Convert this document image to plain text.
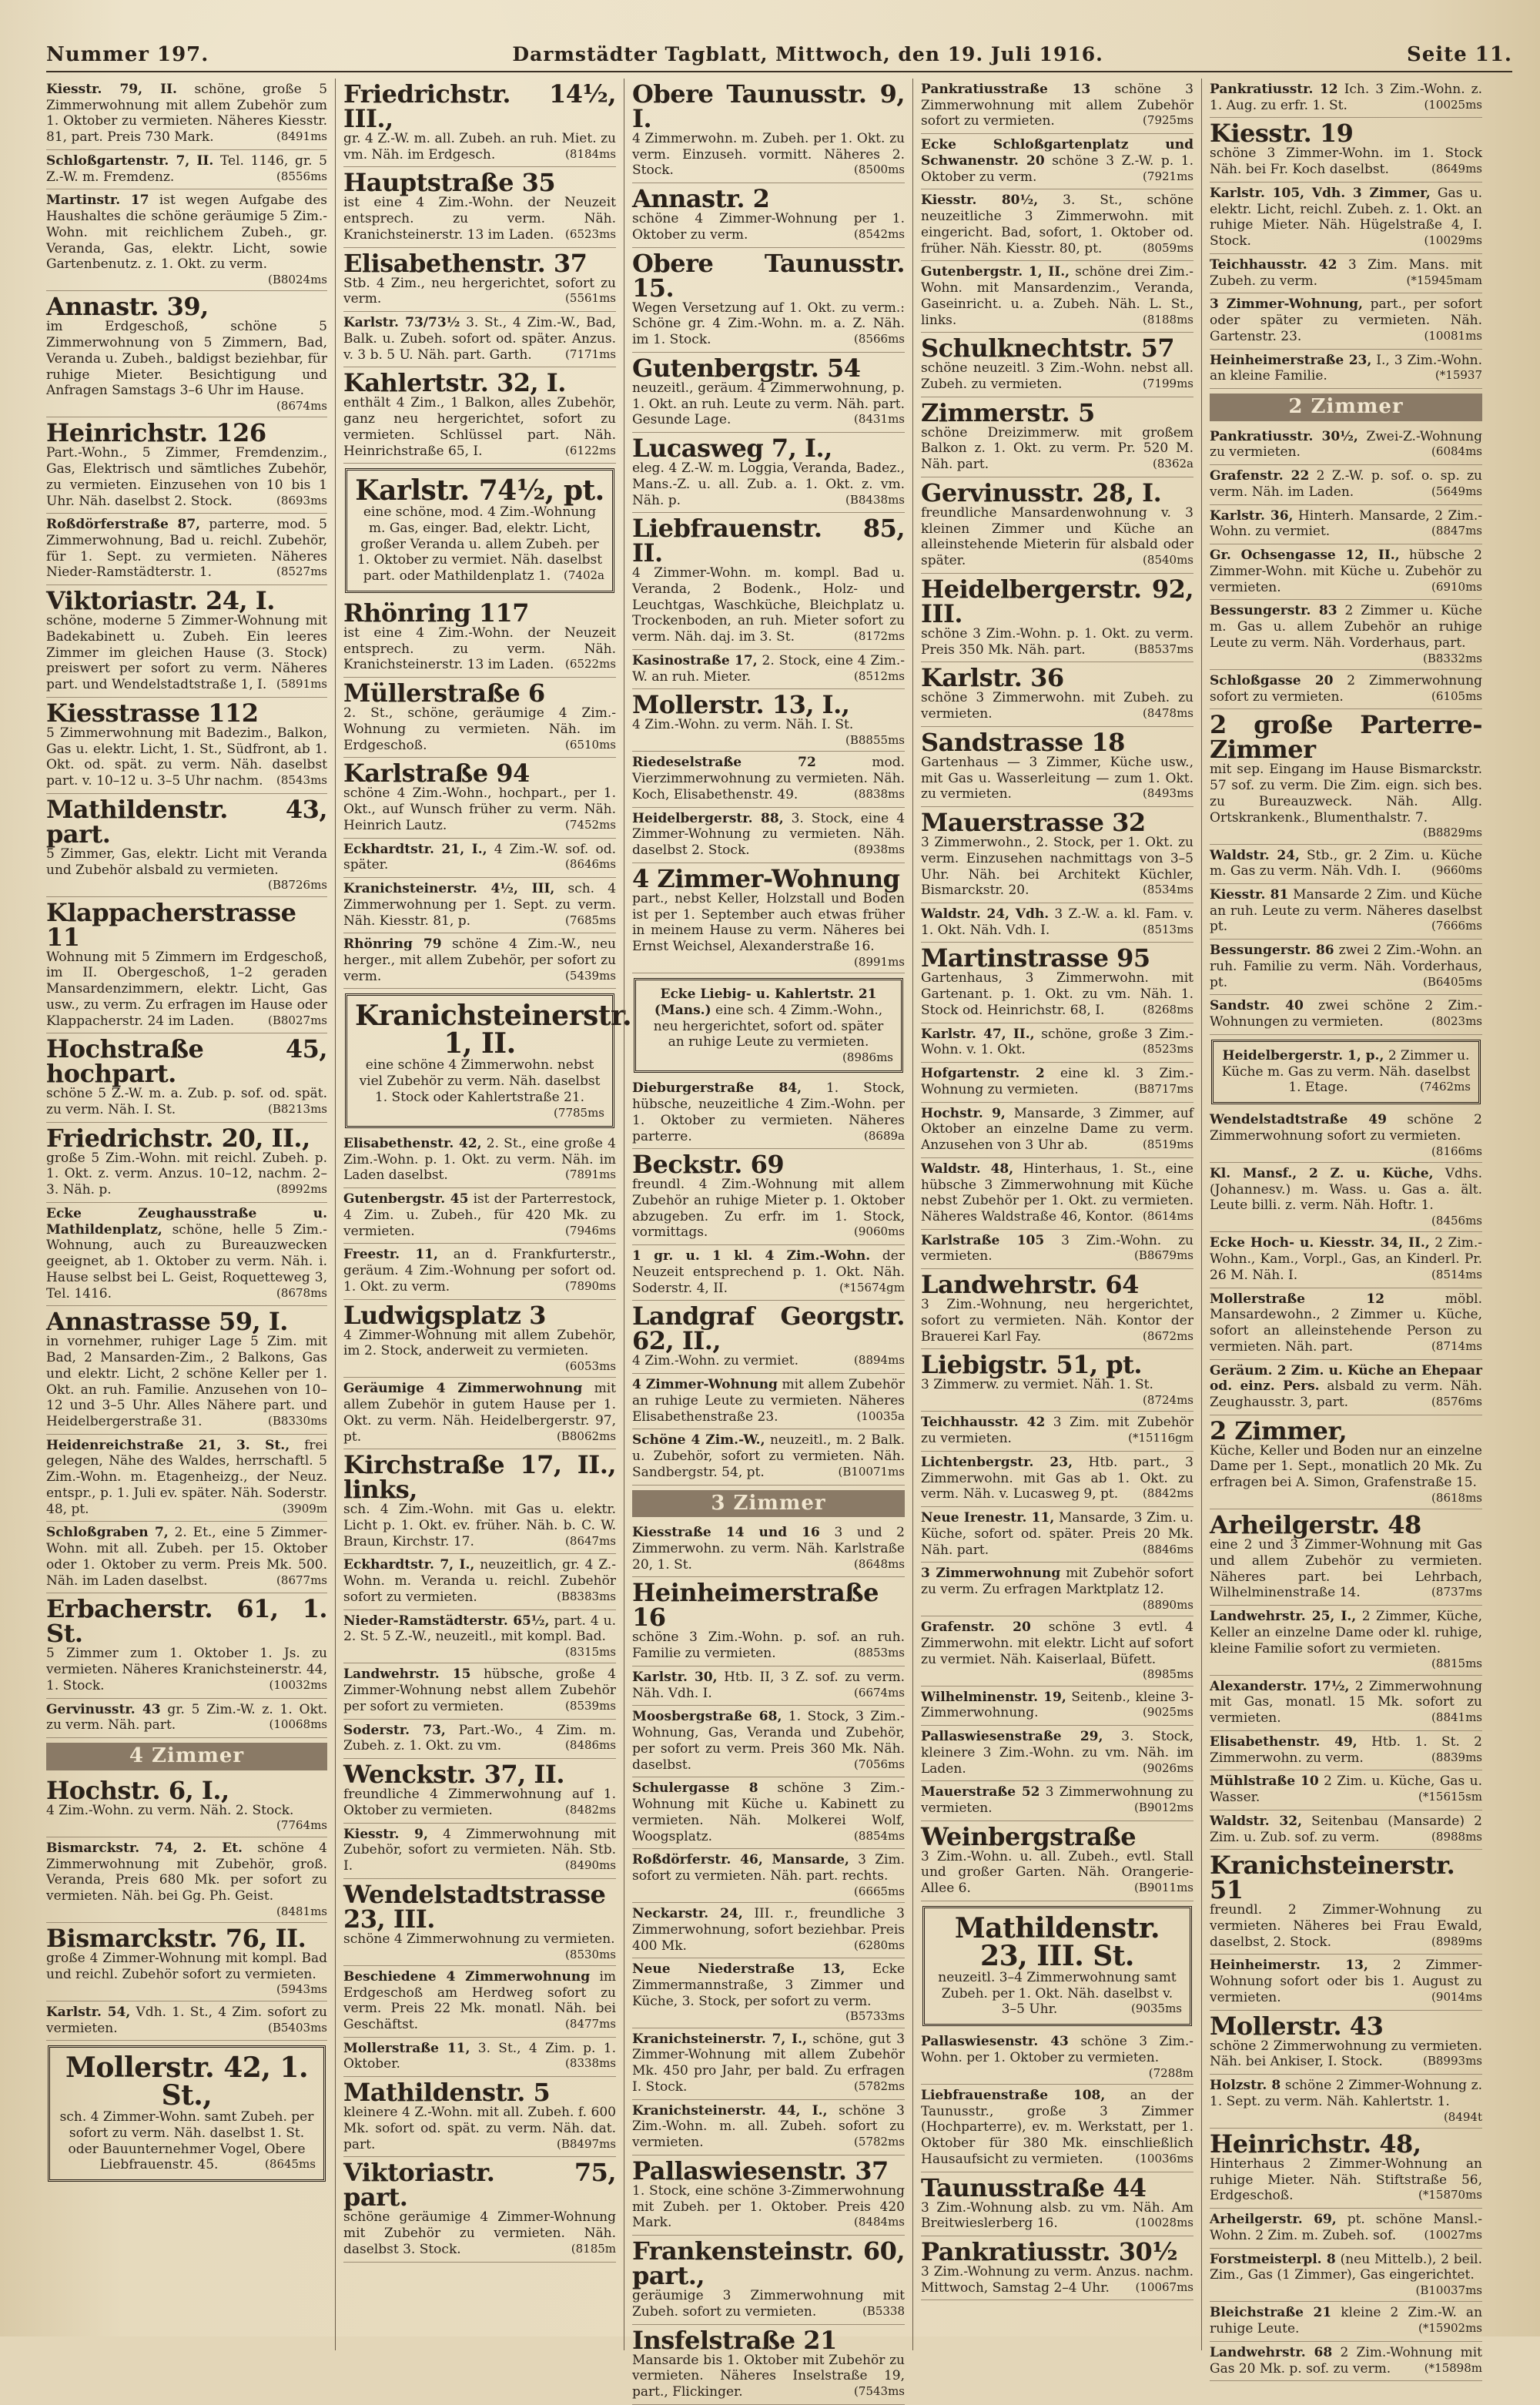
Nummer 197.	Darmstädter Tagblatt, Mittwoch, den 19. Juli 1916.	Seite 11.
Kiesstr. 79, II. schöne, große 5 Zimmerwohnung mit allem Zubehör zum 1. Oktober zu vermieten. Näheres Kiesstr. 81, part. Preis 730 Mark.	(8491ms
Schloßgartenstr. 7, II. Tel. 1146, gr. 5 Z.-W. m. Fremdenz.	(8556ms
Martinstr. 17 ist wegen Aufgabe des Haushaltes die schöne geräumige 5 Zim.-Wohn. mit reichlichem Zubeh., gr. Veranda, Gas, elektr. Licht, sowie Gartenbenutz. z. 1. Okt. zu verm.
(B8024ms
Annastr. 39,
im Erdgeschoß, schöne 5 Zimmerwohnung von 5 Zimmern, Bad, Veranda u. Zubeh., baldigst beziehbar, für ruhige Mieter. Besichtigung und Anfragen Samstags 3–6 Uhr im Hause.
(8674ms
Heinrichstr. 126
Part.-Wohn., 5 Zimmer, Fremdenzim., Gas, Elektrisch und sämtliches Zubehör, zu vermieten. Einzusehen von 10 bis 1 Uhr. Näh. daselbst 2. Stock.	(8693ms
Roßdörferstraße 87, parterre, mod. 5 Zimmerwohnung, Bad u. reichl. Zubehör, für 1. Sept. zu vermieten. Näheres Nieder-Ramstädterstr. 1.	(8527ms
Viktoriastr. 24, I.
schöne, moderne 5 Zimmer-Wohnung mit Badekabinett u. Zubeh. Ein leeres Zimmer im gleichen Hause (3. Stock) preiswert per sofort zu verm. Näheres part. und Wendelstadtstraße 1, I. (5891ms
Kiesstrasse 112
5 Zimmerwohnung mit Badezim., Balkon, Gas u. elektr. Licht, 1. St., Südfront, ab 1. Okt. od. spät. zu verm. Näh. daselbst part. v. 10–12 u. 3–5 Uhr nachm.	(8543ms
Mathildenstr. 43, part.
5 Zimmer, Gas, elektr. Licht mit Veranda und Zubehör alsbald zu vermieten.
(B8726ms
Klappacherstrasse 11
Wohnung mit 5 Zimmern im Erdgeschoß, im II. Obergeschoß, 1–2 geraden Mansardenzimmern, elektr. Licht, Gas usw., zu verm. Zu erfragen im Hause oder Klappacherstr. 24 im Laden.	(B8027ms
Hochstraße 45, hochpart.
schöne 5 Z.-W. m. a. Zub. p. sof. od. spät. zu verm. Näh. I. St.	(B8213ms
Friedrichstr. 20, II.,
große 5 Zim.-Wohn. mit reichl. Zubeh. p. 1. Okt. z. verm. Anzus. 10–12, nachm. 2–3. Näh. p.	(8992ms
Ecke Zeughausstraße u. Mathildenplatz, schöne, helle 5 Zim.-Wohnung, auch zu Bureauzwecken geeignet, ab 1. Oktober zu verm. Näh. i. Hause selbst bei L. Geist, Roquetteweg 3, Tel. 1416.	(8678ms
Annastrasse 59, I.
in vornehmer, ruhiger Lage 5 Zim. mit Bad, 2 Mansarden-Zim., 2 Balkons, Gas und elektr. Licht, 2 schöne Keller per 1. Okt. an ruh. Familie. Anzusehen von 10–12 und 3–5 Uhr. Alles Nähere part. und Heidelbergerstraße 31.	(B8330ms
Heidenreichstraße 21, 3. St., frei gelegen, Nähe des Waldes, herrschaftl. 5 Zim.-Wohn. m. Etagenheizg., der Neuz. entspr., p. 1. Juli ev. später. Näh. Soderstr. 48, pt.	(3909m
Schloßgraben 7, 2. Et., eine 5 Zimmer-Wohn. mit all. Zubeh. per 15. Oktober oder 1. Oktober zu verm. Preis Mk. 500. Näh. im Laden daselbst.	(8677ms
Erbacherstr. 61, 1. St.
5 Zimmer zum 1. Oktober 1. Js. zu vermieten. Näheres Kranichsteinerstr. 44, 1. Stock.	(10032ms
Gervinusstr. 43 gr. 5 Zim.-W. z. 1. Okt. zu verm. Näh. part.	(10068ms
4 Zimmer
Hochstr. 6, I.,
4 Zim.-Wohn. zu verm. Näh. 2. Stock.
(7764ms
Bismarckstr. 74, 2. Et. schöne 4 Zimmerwohnung mit Zubehör, groß. Veranda, Preis 680 Mk. per sofort zu vermieten. Näh. bei Gg. Ph. Geist.
(8481ms
Bismarckstr. 76, II.
große 4 Zimmer-Wohnung mit kompl. Bad und reichl. Zubehör sofort zu vermieten.
(5943ms
Karlstr. 54, Vdh. 1. St., 4 Zim. sofort zu vermieten.	(B5403ms
Mollerstr. 42, 1. St.,
sch. 4 Zimmer-Wohn. samt Zubeh. per sofort zu verm. Näh. daselbst 1. St. oder Bauunternehmer Vogel, Obere Liebfrauenstr. 45.	(8645ms
Friedrichstr. 14½, III.,
gr. 4 Z.-W. m. all. Zubeh. an ruh. Miet. zu vm. Näh. im Erdgesch.	(8184ms
Hauptstraße 35
ist eine 4 Zim.-Wohn. der Neuzeit entsprech. zu verm. Näh. Kranichsteinerstr. 13 im Laden. (6523ms
Elisabethenstr. 37
Stb. 4 Zim., neu hergerichtet, sofort zu verm.	(5561ms
Karlstr. 73/73½ 3. St., 4 Zim.-W., Bad, Balk. u. Zubeh. sofort od. später. Anzus. v. 3 b. 5 U. Näh. part. Garth.	(7171ms
Kahlertstr. 32, I.
enthält 4 Zim., 1 Balkon, alles Zubehör, ganz neu hergerichtet, sofort zu vermieten. Schlüssel part. Näh. Heinrichstraße 65, I.	(6122ms
Karlstr. 74½, pt.
eine schöne, mod. 4 Zim.-Wohnung m. Gas, einger. Bad, elektr. Licht, großer Veranda u. allem Zubeh. per 1. Oktober zu vermiet. Näh. daselbst part. oder Mathildenplatz 1.	(7402a
Rhönring 117
ist eine 4 Zim.-Wohn. der Neuzeit entsprech. zu verm. Näh. Kranichsteinerstr. 13 im Laden. (6522ms
Müllerstraße 6
2. St., schöne, geräumige 4 Zim.-Wohnung zu vermieten. Näh. im Erdgeschoß.	(6510ms
Karlstraße 94
schöne 4 Zim.-Wohn., hochpart., per 1. Okt., auf Wunsch früher zu verm. Näh. Heinrich Lautz.	(7452ms
Eckhardtstr. 21, I., 4 Zim.-W. sof. od. später.	(8646ms
Kranichsteinerstr. 4½, III, sch. 4 Zimmerwohnung per 1. Sept. zu verm. Näh. Kiesstr. 81, p.	(7685ms
Rhönring 79 schöne 4 Zim.-W., neu herger., mit allem Zubehör, per sofort zu verm.	(5439ms
Kranichsteinerstr. 1, II.
eine schöne 4 Zimmerwohn. nebst viel Zubehör zu verm. Näh. daselbst 1. Stock oder Kahlertstraße 21.
(7785ms
Elisabethenstr. 42, 2. St., eine große 4 Zim.-Wohn. p. 1. Okt. zu verm. Näh. im Laden daselbst.	(7891ms
Gutenbergstr. 45 ist der Parterrestock, 4 Zim. u. Zubeh., für 420 Mk. zu vermieten.	(7946ms
Freestr. 11, an d. Frankfurterstr., geräum. 4 Zim.-Wohnung per sofort od. 1. Okt. zu verm.	(7890ms
Ludwigsplatz 3
4 Zimmer-Wohnung mit allem Zubehör, im 2. Stock, anderweit zu vermieten.
(6053ms
Geräumige 4 Zimmerwohnung mit allem Zubehör in gutem Hause per 1. Okt. zu verm. Näh. Heidelbergerstr. 97, pt.	(B8062ms
Kirchstraße 17, II., links,
sch. 4 Zim.-Wohn. mit Gas u. elektr. Licht p. 1. Okt. ev. früher. Näh. b. C. W. Braun, Kirchstr. 17.	(8647ms
Eckhardtstr. 7, I., neuzeitlich, gr. 4 Z.-Wohn. m. Veranda u. reichl. Zubehör sofort zu vermieten.	(B8383ms
Nieder-Ramstädterstr. 65½, part. 4 u. 2. St. 5 Z.-W., neuzeitl., mit kompl. Bad.
(8315ms
Landwehrstr. 15 hübsche, große 4 Zimmer-Wohnung nebst allem Zubehör per sofort zu vermieten.	(8539ms
Soderstr. 73, Part.-Wo., 4 Zim. m. Zubeh. z. 1. Okt. zu vm.	(8486ms
Wenckstr. 37, II.
freundliche 4 Zimmerwohnung auf 1. Oktober zu vermieten.	(8482ms
Kiesstr. 9, 4 Zimmerwohnung mit Zubehör, sofort zu vermieten. Näh. Stb. I.	(8490ms
Wendelstadtstrasse 23, III.
schöne 4 Zimmerwohnung zu vermieten.
(8530ms
Beschiedene 4 Zimmerwohnung im Erdgeschoß am Herdweg sofort zu verm. Preis 22 Mk. monatl. Näh. bei Geschäftst.	(8477ms
Mollerstraße 11, 3. St., 4 Zim. p. 1. Oktober.	(8338ms
Mathildenstr. 5
kleinere 4 Z.-Wohn. mit all. Zubeh. f. 600 Mk. sofort od. spät. zu verm. Näh. dat. part.	(B8497ms
Viktoriastr. 75, part.
schöne geräumige 4 Zimmer-Wohnung mit Zubehör zu vermieten. Näh. daselbst 3. Stock.	(8185m
Obere Taunusstr. 9, I.
4 Zimmerwohn. m. Zubeh. per 1. Okt. zu verm. Einzuseh. vormitt. Näheres 2. Stock.	(8500ms
Annastr. 2
schöne 4 Zimmer-Wohnung per 1. Oktober zu verm.	(8542ms
Obere Taunusstr. 15.
Wegen Versetzung auf 1. Okt. zu verm.: Schöne gr. 4 Zim.-Wohn. m. a. Z. Näh. im 1. Stock.	(8566ms
Gutenbergstr. 54
neuzeitl., geräum. 4 Zimmerwohnung, p. 1. Okt. an ruh. Leute zu verm. Näh. part. Gesunde Lage.	(8431ms
Lucasweg 7, I.,
eleg. 4 Z.-W. m. Loggia, Veranda, Badez., Mans.-Z. u. all. Zub. a. 1. Okt. z. vm. Näh. p.	(B8438ms
Liebfrauenstr. 85, II.
4 Zimmer-Wohn. m. kompl. Bad u. Veranda, 2 Bodenk., Holz- und Leuchtgas, Waschküche, Bleichplatz u. Trockenboden, an ruh. Mieter sofort zu verm. Näh. daj. im 3. St.	(8172ms
Kasinostraße 17, 2. Stock, eine 4 Zim.-W. an ruh. Mieter.	(8512ms
Mollerstr. 13, I.,
4 Zim.-Wohn. zu verm. Näh. I. St.
(B8855ms
Riedeselstraße 72	mod. Vierzimmerwohnung zu vermieten. Näh. Koch, Elisabethenstr. 49.	(8838ms
Heidelbergerstr. 88, 3. Stock, eine 4 Zimmer-Wohnung zu vermieten. Näh. daselbst 2. Stock.	(8938ms
4 Zimmer-Wohnung
part., nebst Keller, Holzstall und Boden ist per 1. September auch etwas früher in meinem Hause zu verm. Näheres bei Ernst Weichsel, Alexanderstraße 16.
(8991ms
Ecke Liebig- u. Kahlertstr. 21 (Mans.) eine sch. 4 Zimm.-Wohn., neu hergerichtet, sofort od. später an ruhige Leute zu vermieten.
(8986ms
Dieburgerstraße 84, 1. Stock, hübsche, neuzeitliche 4 Zim.-Wohn. per 1. Oktober zu vermieten. Näheres parterre.	(8689a
Beckstr. 69
freundl. 4 Zim.-Wohnung mit allem Zubehör an ruhige Mieter p. 1. Oktober abzugeben. Zu erfr. im 1. Stock, vormittags.	(9060ms
1 gr. u. 1 kl. 4 Zim.-Wohn. der Neuzeit entsprechend p. 1. Okt. Näh. Soderstr. 4, II.	(*15674gm
Landgraf Georgstr. 62, II.,
4 Zim.-Wohn. zu vermiet.	(8894ms
4 Zimmer-Wohnung mit allem Zubehör an ruhige Leute zu vermieten. Näheres Elisabethenstraße 23.	(10035a
Schöne 4 Zim.-W., neuzeitl., m. 2 Balk. u. Zubehör, sofort zu vermieten. Näh. Sandbergstr. 54, pt.	(B10071ms
3 Zimmer
Kiesstraße 14 und 16 3 und 2 Zimmerwohn. zu verm. Näh. Karlstraße 20, 1. St.	(8648ms
Heinheimerstraße 16
schöne 3 Zim.-Wohn. p. sof. an ruh. Familie zu vermieten.	(8853ms
Karlstr. 30, Htb. II, 3 Z. sof. zu verm. Näh. Vdh. I.	(6674ms
Moosbergstraße 68, 1. Stock, 3 Zim.-Wohnung, Gas, Veranda und Zubehör, per sofort zu verm. Preis 360 Mk. Näh. daselbst.	(7056ms
Schulergasse 8 schöne 3 Zim.-Wohnung mit Küche u. Kabinett zu vermieten. Näh. Molkerei Wolf, Woogsplatz.	(8854ms
Roßdörferstr. 46, Mansarde, 3 Zim. sofort zu vermieten. Näh. part. rechts.
(6665ms
Neckarstr. 24, III. r., freundliche 3 Zimmerwohnung, sofort beziehbar. Preis 400 Mk.	(6280ms
Neue Niederstraße 13, Ecke Zimmermannstraße, 3 Zimmer und Küche, 3. Stock, per sofort zu verm.
(B5733ms
Kranichsteinerstr. 7, I., schöne, gut 3 Zimmer-Wohnung mit allem Zubehör Mk. 450 pro Jahr, per bald. Zu erfragen I. Stock.	(5782ms
Kranichsteinerstr. 44, I., schöne 3 Zim.-Wohn. m. all. Zubeh. sofort zu vermieten.	(5782ms
Pallaswiesenstr. 37
1. Stock, eine schöne 3-Zimmerwohnung mit Zubeh. per 1. Oktober. Preis 420 Mark.	(8484ms
Frankensteinstr. 60, part.,
geräumige 3 Zimmerwohnung mit Zubeh. sofort zu vermieten.	(B5338
Insfelstraße 21
Mansarde bis 1. Oktober mit Zubehör zu vermieten. Näheres Inselstraße 19, part., Flickinger.	(7543ms
Pankratiusstraße 13 schöne 3 Zimmerwohnung mit allem Zubehör sofort zu vermieten.	(7925ms
Ecke Schloßgartenplatz und Schwanenstr. 20 schöne 3 Z.-W. p. 1. Oktober zu verm.	(7921ms
Kiesstr. 80½, 3. St., schöne neuzeitliche 3 Zimmerwohn. mit eingericht. Bad, sofort, 1. Oktober od. früher. Näh. Kiesstr. 80, pt.	(8059ms
Gutenbergstr. 1, II., schöne drei Zim.-Wohn. mit Mansardenzim., Veranda, Gaseinricht. u. a. Zubeh. Näh. L. St., links.	(8188ms
Schulknechtstr. 57
schöne neuzeitl. 3 Zim.-Wohn. nebst all. Zubeh. zu vermieten.	(7199ms
Zimmerstr. 5
schöne Dreizimmerw. mit großem Balkon z. 1. Okt. zu verm. Pr. 520 M. Näh. part.	(8362a
Gervinusstr. 28, I.
freundliche Mansardenwohnung v. 3 kleinen Zimmer und Küche an alleinstehende Mieterin für alsbald oder später.	(8540ms
Heidelbergerstr. 92, III.
schöne 3 Zim.-Wohn. p. 1. Okt. zu verm. Preis 350 Mk. Näh. part.	(B8537ms
Karlstr. 36
schöne 3 Zimmerwohn. mit Zubeh. zu vermieten.	(8478ms
Sandstrasse 18
Gartenhaus — 3 Zimmer, Küche usw., mit Gas u. Wasserleitung — zum 1. Okt. zu vermieten.	(8493ms
Mauerstrasse 32
3 Zimmerwohn., 2. Stock, per 1. Okt. zu verm. Einzusehen nachmittags von 3–5 Uhr. Näh. bei Architekt Küchler, Bismarckstr. 20.	(8534ms
Waldstr. 24, Vdh. 3 Z.-W. a. kl. Fam. v. 1. Okt. Näh. Vdh. I.	(8513ms
Martinstrasse 95
Gartenhaus, 3 Zimmerwohn. mit Gartenant. p. 1. Okt. zu vm. Näh. 1. Stock od. Heinrichstr. 68, I.	(8268ms
Karlstr. 47, II., schöne, große 3 Zim.-Wohn. v. 1. Okt.	(8523ms
Hofgartenstr. 2 eine kl. 3 Zim.-Wohnung zu vermieten.	(B8717ms
Hochstr. 9, Mansarde, 3 Zimmer, auf Oktober an einzelne Dame zu verm. Anzusehen von 3 Uhr ab.	(8519ms
Waldstr. 48, Hinterhaus, 1. St., eine hübsche 3 Zimmerwohnung mit Küche nebst Zubehör per 1. Okt. zu vermieten. Näheres Waldstraße 46, Kontor. (8614ms
Karlstraße 105 3 Zim.-Wohn. zu vermieten.	(B8679ms
Landwehrstr. 64
3 Zim.-Wohnung, neu hergerichtet, sofort zu vermieten. Näh. Kontor der Brauerei Karl Fay.	(8672ms
Liebigstr. 51, pt.
3 Zimmerw. zu vermiet. Näh. 1. St.
(8724ms
Teichhausstr. 42 3 Zim. mit Zubehör zu vermieten.	(*15116gm
Lichtenbergstr. 23, Htb. part., 3 Zimmerwohn. mit Gas ab 1. Okt. zu verm. Näh. v. Lucasweg 9, pt.	(8842ms
Neue Irenestr. 11, Mansarde, 3 Zim. u. Küche, sofort od. später. Preis 20 Mk. Näh. part.	(8846ms
3 Zimmerwohnung mit Zubehör sofort zu verm. Zu erfragen Marktplatz 12.
(8890ms
Grafenstr. 20 schöne 3 evtl. 4 Zimmerwohn. mit elektr. Licht auf sofort zu vermiet. Näh. Kaiserlaal, Büfett.
(8985ms
Wilhelminenstr. 19, Seitenb., kleine 3-Zimmerwohnung.	(9025ms
Pallaswiesenstraße 29, 3. Stock, kleinere 3 Zim.-Wohn. zu vm. Näh. im Laden.	(9026ms
Mauerstraße 52 3 Zimmerwohnung zu vermieten.	(B9012ms
Weinbergstraße
3 Zim.-Wohn. u. all. Zubeh., evtl. Stall und großer Garten. Näh. Orangerie-Allee 6.	(B9011ms
Mathildenstr. 23, III. St.
neuzeitl. 3–4 Zimmerwohnung samt Zubeh. per 1. Okt. Näh. daselbst v. 3–5 Uhr.	(9035ms
Pallaswiesenstr. 43 schöne 3 Zim.-Wohn. per 1. Oktober zu vermieten.
(7288m
Liebfrauenstraße 108, an der Taunusstr., große 3 Zimmer (Hochparterre), ev. m. Werkstatt, per 1. Oktober für 380 Mk. einschließlich Hausaufsicht zu vermieten.	(10036ms
Taunusstraße 44
3 Zim.-Wohnung alsb. zu vm. Näh. Am Breitwieslerberg 16.	(10028ms
Pankratiusstr. 30½
3 Zim.-Wohnung zu verm. Anzus. nachm. Mittwoch, Samstag 2–4 Uhr.	(10067ms
Pankratiusstr. 12 Ich. 3 Zim.-Wohn. z. 1. Aug. zu erfr. 1. St.	(10025ms
Kiesstr. 19
schöne 3 Zimmer-Wohn. im 1. Stock Näh. bei Fr. Koch daselbst.	(8649ms
Karlstr. 105, Vdh. 3 Zimmer, Gas u. elektr. Licht, reichl. Zubeh. z. 1. Okt. an ruhige Mieter. Näh. Hügelstraße 4, I. Stock.	(10029ms
Teichhausstr. 42 3 Zim. Mans. mit Zubeh. zu verm.	(*15945mam
3 Zimmer-Wohnung, part., per sofort oder später zu vermieten. Näh. Gartenstr. 23.	(10081ms
Heinheimerstraße 23, I., 3 Zim.-Wohn. an kleine Familie.	(*15937
2 Zimmer
Pankratiusstr. 30½, Zwei-Z.-Wohnung zu vermieten.	(6084ms
Grafenstr. 22 2 Z.-W. p. sof. o. sp. zu verm. Näh. im Laden.	(5649ms
Karlstr. 36, Hinterh. Mansarde, 2 Zim.-Wohn. zu vermiet.	(8847ms
Gr. Ochsengasse 12, II., hübsche 2 Zimmer-Wohn. mit Küche u. Zubehör zu vermieten.	(6910ms
Bessungerstr. 83 2 Zimmer u. Küche m. Gas u. allem Zubehör an ruhige Leute zu verm. Näh. Vorderhaus, part.
(B8332ms
Schloßgasse 20 2 Zimmerwohnung sofort zu vermieten.	(6105ms
2 große Parterre-Zimmer
mit sep. Eingang im Hause Bismarckstr. 57 sof. zu verm. Die Zim. eign. sich bes. zu Bureauzweck. Näh. Allg. Ortskrankenk., Blumenthalstr. 7.
(B8829ms
Waldstr. 24, Stb., gr. 2 Zim. u. Küche m. Gas zu verm. Näh. Vdh. I.	(9660ms
Kiesstr. 81 Mansarde 2 Zim. und Küche an ruh. Leute zu verm. Näheres daselbst pt.	(7666ms
Bessungerstr. 86 zwei 2 Zim.-Wohn. an ruh. Familie zu verm. Näh. Vorderhaus, pt.	(B6405ms
Sandstr. 40 zwei schöne 2 Zim.-Wohnungen zu vermieten.	(8023ms
Heidelbergerstr. 1, p., 2 Zimmer u. Küche m. Gas zu verm. Näh. daselbst 1. Etage.	(7462ms
Wendelstadtstraße 49 schöne 2 Zimmerwohnung sofort zu vermieten.
(8166ms
Kl. Mansf., 2 Z. u. Küche, Vdhs. (Johannesv.) m. Wass. u. Gas a. ält. Leute billi. z. verm. Näh. Hoftr. 1.
(8456ms
Ecke Hoch- u. Kiesstr. 34, II., 2 Zim.-Wohn., Kam., Vorpl., Gas, an Kinderl. Pr. 26 M. Näh. I.	(8514ms
Mollerstraße 12	möbl. Mansardewohn., 2 Zimmer u. Küche, sofort an alleinstehende Person zu vermieten. Näh. part.	(8714ms
Geräum. 2 Zim. u. Küche an Ehepaar od. einz. Pers. alsbald zu verm. Näh. Zeughausstr. 3, part.	(8576ms
2 Zimmer,
Küche, Keller und Boden nur an einzelne Dame per 1. Sept., monatlich 20 Mk. Zu erfragen bei A. Simon, Grafenstraße 15.
(8618ms
Arheilgerstr. 48
eine 2 und 3 Zimmer-Wohnung mit Gas und allem Zubehör zu vermieten. Näheres part. bei Lehrbach, Wilhelminenstraße 14.	(8737ms
Landwehrstr. 25, I., 2 Zimmer, Küche, Keller an einzelne Dame oder kl. ruhige, kleine Familie sofort zu vermieten.
(8815ms
Alexanderstr. 17½, 2 Zimmerwohnung mit Gas, monatl. 15 Mk. sofort zu vermieten.	(8841ms
Elisabethenstr. 49, Htb. 1. St. 2 Zimmerwohn. zu verm.	(8839ms
Mühlstraße 10 2 Zim. u. Küche, Gas u. Wasser.	(*15615sm
Waldstr. 32, Seitenbau (Mansarde) 2 Zim. u. Zub. sof. zu verm.	(8988ms
Kranichsteinerstr. 51
freundl. 2 Zimmer-Wohnung zu vermieten. Näheres bei Frau Ewald, daselbst, 2. Stock.	(8989ms
Heinheimerstr. 13, 2 Zimmer-Wohnung sofort oder bis 1. August zu vermieten.	(9014ms
Mollerstr. 43
schöne 2 Zimmerwohnung zu vermieten. Näh. bei Ankiser, I. Stock.	(B8993ms
Holzstr. 8 schöne 2 Zimmer-Wohnung z. 1. Sept. zu verm. Näh. Kahlertstr. 1.
(8494t
Heinrichstr. 48,
Hinterhaus 2 Zimmer-Wohnung an ruhige Mieter. Näh. Stiftstraße 56, Erdgeschoß.	(*15870ms
Arheilgerstr. 69, pt. schöne Mansl.-Wohn. 2 Zim. m. Zubeh. sof.	(10027ms
Forstmeisterpl. 8 (neu Mittelb.), 2 beil. Zim., Gas (1 Zimmer), Gas eingerichtet.
(B10037ms
Bleichstraße 21 kleine 2 Zim.-W. an ruhige Leute.	(*15902ms
Landwehrstr. 68 2 Zim.-Wohnung mit Gas 20 Mk. p. sof. zu verm.	(*15898m
